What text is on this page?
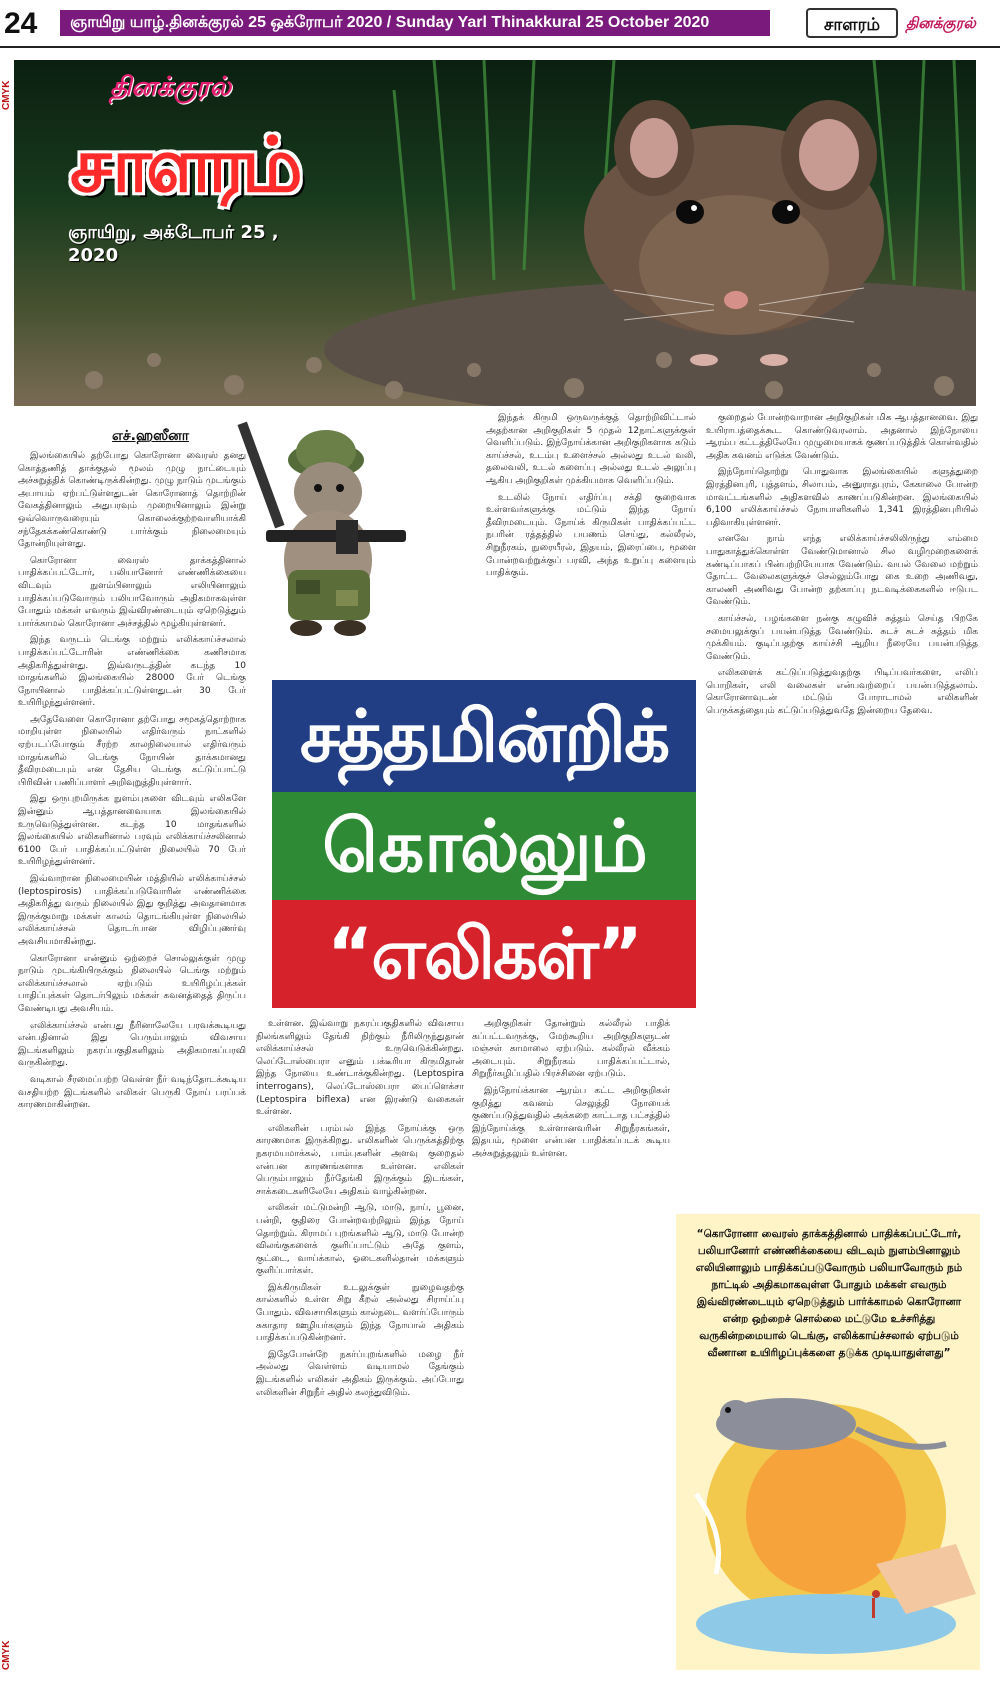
24	ஞாயிறு யாழ்.தினக்குரல் 25 ஒக்ரோபர் 2020 / Sunday Yarl Thinakkural 25 October 2020	சாளரம்	தினக்குரல்
CMYK
CMYK
தினக்குரல்
சாளரம்
ஞாயிறு, அக்டோபர் 25 , 2020
எச்.ஹஸீனா

இலங்கையில் தற்போது கொரோனா வைரஸ் தனது கொத்தணித் தாக்குதல் மூலம் முழு நாட்டையும் அச்சுறுத்திக் கொண்டிருக்கின்றது. முழு நாடும் முடங்கும் அபாயம் ஏற்பட்டுள்ளதுடன் கொரோனாத் தொற்றின் வேகத்தினாலும் அதுபரவும் முறையினாலும் இன்று ஒவ்வொருவரையும் கொலைக்குற்றவாளியாக்கி சந்தேகக்கண்கொண்டு பார்க்கும் நிலைமையும் தோன்றியுள்ளது.

கொரோனா வைரஸ் தாக்கத்தினால் பாதிக்கப்பட்டோர், பலியானோர் எண்ணிக்கையை விடவும் நுளம்பினாலும் எலியினாலும் பாதிக்கப்படுவோரும் பலியாவோரும் அதிகமாகவுள்ள போதும் மக்கள் எவரும் இவ்விரண்டையும் ஏறெடுத்தும் பார்க்காமல் கொரோனா அச்சத்தில் மூழ்கியுள்ளனர்.

இந்த வருடம் டெங்கு மற்றும் எலிக்காய்ச்சலால் பாதிக்கப்பட்டோரின் எண்ணிக்கை கணிசமாக அதிகரித்துள்ளது. இவ்வருடத்தின் கடந்த 10 மாதங்களில் இலங்கையில் 28000 பேர் டெங்கு நோயினால் பாதிக்கப்பட்டுள்ளதுடன் 30 பேர் உயிரிழந்துள்ளனர்.

அதேவேளை கொரோனா தற்போது சமூகத்தொற்றாக மாறியுள்ள நிலையில் எதிர்வரும் நாட்களில் ஏற்படப்போகும் சீரற்ற காலநிலையால் எதிர்வரும் மாதங்களில் டெங்கு நோயின் தாக்கமானது தீவிரமடையும் என தேசிய டெங்கு கட்டுப்பாட்டு பிரிவின் பணிப்பாளர் அறிவுறுத்தியுள்ளார்.

இது ஒருபுறமிருக்க நுளம்புகளை விடவும் எலிகளே இன்னும் ஆபத்தானவையாக இலங்கையில் உருவெடுத்துள்ளன. கடந்த 10 மாதங்களில் இலங்கையில் எலிகளினால் பரவும் எலிக்காய்ச்சலினால் 6100 பேர் பாதிக்கப்பட்டுள்ள நிலையில் 70 பேர் உயிரிழந்துள்ளனர்.

இவ்வாறான நிலைமையின் மத்தியில் எலிக்காய்ச்சல் (leptospirosis) பாதிக்கப்படுவோரின் எண்ணிக்கை அதிகரித்து வரும் நிலையில் இது குறித்து அவதானமாக இருக்குமாறு மக்கள் காலம் தொடங்கியுள்ள நிலையில் எலிக்காய்ச்சல் தொடர்பான விழிப்புணர்வு அவசியமாகின்றது.

கொரோனா என்னும் ஒற்றைச் சொல்லுக்குள் முழு நாடும் முடங்கியிருக்கும் நிலையில் டெங்கு மற்றும் எலிக்காய்ச்சலால் ஏற்படும் உயிரிழப்புக்கள் பாதிப்புக்கள் தொடர்பிலும் மக்கள் கவனத்தைத் திருப்ப வேண்டியது அவசியம்.

எலிக்காய்ச்சல் என்பது நீரினாலேயே பரவக்கூடியது என்பதினால் இது பெரும்பாலும் விவசாய இடங்களிலும் நகரப்பகுதிகளிலும் அதிகமாகப்பரவி வருகின்றது.

வடிகால் சீரமைப்பற்ற வெள்ள நீர் வடிந்தோடக்கூடிய வசதியற்ற இடங்களில் எலிகள் பெருகி நோய் பரப்பக் காரணமாகின்றன.

சத்தமின்றிக்
கொல்லும்
“எலிகள்”

உள்ளன. இவ்வாறு நகரப்பகுதிகளில் விவசாய நிலங்களிலும் தேங்கி நிற்கும் நீரிலிருந்துதான் எலிக்காய்ச்சல் உருவெடுக்கின்றது. லெப்டோஸ்பைரா எனும் பக்டீரியா கிருமிதான் இந்த நோயை உண்டாக்குகின்றது. (Leptospira interrogans), லெப்டோஸ்பைரா பைப்ளெக்சா (Leptospira biflexa) என இரண்டு வகைகள் உள்ளன.

எலிகளின் பரம்பல் இந்த நோய்க்கு ஒரு காரணமாக இருக்கிறது. எலிகளின் பெருக்கத்திற்கு நகரமயமாக்கல், பாம்புகளின் அளவு குறைதல் என்பன காரணங்களாக உள்ளன. எலிகள் பெரும்பாலும் நீர்தேங்கி இருக்கும் இடங்கள், சாக்கடைகளிலேயே அதிகம் வாழ்கின்றன.

எலிகள் மட்டுமன்றி ஆடு, மாடு, நாய், பூனை, பன்றி, குதிரை போன்றவற்றிலும் இந்த நோய் தொற்றும். கிராமப் புறங்களில் ஆடு, மாடு போன்ற விலங்குகளைக் குளிப்பாட்டும் அதே குளம், குட்டை, வாய்க்கால், ஓடைகளில்தான் மக்களும் குளிப்பார்கள்.

இக்கிருமிகள் உடலுக்குள் நுழைவதற்கு கால்களில் உள்ள சிறு கீறல் அல்லது சிராய்ப்பு போதும். விவசாயிகளும் கால்நடை வளர்ப்போரும் சுகாதார ஊழியர்களும் இந்த நோயால் அதிகம் பாதிக்கப்படுகின்றனர்.

இதேபோன்றே நகர்ப்புறங்களில் மழை நீர் அல்லது வெள்ளம் வடியாமல் தேங்கும் இடங்களில் எலிகள் அதிகம் இருக்கும். அப்போது எலிகளின் சிறுநீர் அதில் கலந்துவிடும்.

இந்தக் கிருமி ஒருவருக்குத் தொற்றிவிட்டால் அதற்கான அறிகுறிகள் 5 முதல் 12நாட்களுக்குள் வெளிப்படும். இந்நோய்க்கான அறிகுறிகளாக கடும் காய்ச்சல், உடம்பு உளைச்சல் அல்லது உடல் வலி, தலைவலி, உடல் களைப்பு அல்லது உடல் அலுப்பு ஆகிய அறிகுறிகள் முக்கியமாக வெளிப்படும்.

உடலில் நோய் எதிர்ப்பு சக்தி குறைவாக உள்ளவர்களுக்கு மட்டும் இந்த நோய் தீவிரமடையும். நோய்க் கிருமிகள் பாதிக்கப்பட்ட நபரின் ரத்தத்தில் பயணம் செய்து, கல்லீரல், சிறுநீரகம், நுரையீரல், இதயம், இரைப்பை, மூளை போன்றவற்றுக்குப் பரவி, அந்த உறுப்பு களையும் பாதிக்கும்.

அறிகுறிகள் தோன்றும் கல்லீரல் பாதிக் கப்பட்டவருக்கு, மேற்கூறிய அறிகுறிகளுடன் மஞ்சள் காமாலை ஏற்படும். கல்லீரல் வீக்கம் அடையும். சிறுநீரகம் பாதிக்கப்பட்டால், சிறுநீர்கழிப்பதில் பிரச்சினை ஏற்படும்.

இந்நோய்க்கான ஆரம்ப கட்ட அறிகுறிகள் குறித்து கவனம் செலுத்தி நோயைக் குணப்படுத்துவதில் அக்கறை காட்டாத பட்சத்தில் இந்நோய்க்கு உள்ளானவரின் சிறுநீரகங்கள், இதயம், மூளை என்பன பாதிக்கப்படக் கூடிய அச்சுறுத்தலும் உள்ளன.

குறைதல் போன்றவாறான அறிகுறிகள் மிக ஆபத்தானவை. இது உயிராபத்தைக்கூட கொண்டுவரலாம். அதனால் இந்நோயை ஆரம்ப கட்டத்திலேயே முழுமையாகக் குணப்படுத்திக் கொள்வதில் அதிக கவனம் எடுக்க வேண்டும்.

இந்நோய்தொற்று பொதுவாக இலங்கையில் களுத்துறை இரத்தினபுரி, புத்தளம், சிலாபம், அனுராதபுரம், கேகாலை போன்ற மாவட்டங்களில் அதிகளவில் காணப்படுகின்றன. இலங்கையில் 6,100 எலிக்காய்ச்சல் நோயாளிகளில் 1,341 இரத்தினபுரியில் பதிவாகியுள்ளனர்.

எனவே நாம் எந்த எலிக்காய்ச்சலிலிருந்து எம்மை பாதுகாத்துக்கொள்ள வேண்டுமானால் சில வழிமுறைகளைக் கண்டிப்பாகப் பின்பற்றியேயாக வேண்டும். வயல் வேலை மற்றும் தோட்ட வேலைகளுக்குச் செல்லும்போது கை உறை அணிவது, காலணி அணிவது போன்ற தற்காப்பு நடவடிக்கைகளில் ஈடுபட வேண்டும்.

காய்ச்சல், பழங்களை நன்கு கழுவிச் சுத்தம் செய்த பிறகே சமையலுக்குப் பயன்படுத்த வேண்டும். சுடச் சுடச் சுத்தம் மிக முக்கியம். குடிப்பதற்கு காய்ச்சி ஆறிய நீரையே பயன்படுத்த வேண்டும்.

எலிகளைக் கட்டுப்படுத்துவதற்கு பிடிப்பவர்களை, எலிப் பொறிகள், எலி வலைகள் என்பவற்றைப் பயன்படுத்தலாம். கொரோனாவுடன் மட்டும் போராடாமல் எலிகளின் பெருக்கத்தையும் கட்டுப்படுத்துவதே இன்றைய தேவை.

“கொரோனா வைரஸ் தாக்கத்தினால் பாதிக்கப்பட்டோர், பலியானோர் எண்ணிக்கையை விடவும் நுளம்பினாலும் எலியினாலும் பாதிக்கப்படுவோரும் பலியாவோரும் நம் நாட்டில் அதிகமாகவுள்ள போதும் மக்கள் எவரும் இவ்விரண்டையும் ஏறெடுத்தும் பார்க்காமல் கொரோனா என்ற ஒற்றைச் சொல்லை மட்டுமே உச்சரித்து வருகின்றமையால் டெங்கு, எலிக்காய்ச்சலால் ஏற்படும் வீணான உயிரிழப்புக்களை தடுக்க முடியாதுள்ளது”
